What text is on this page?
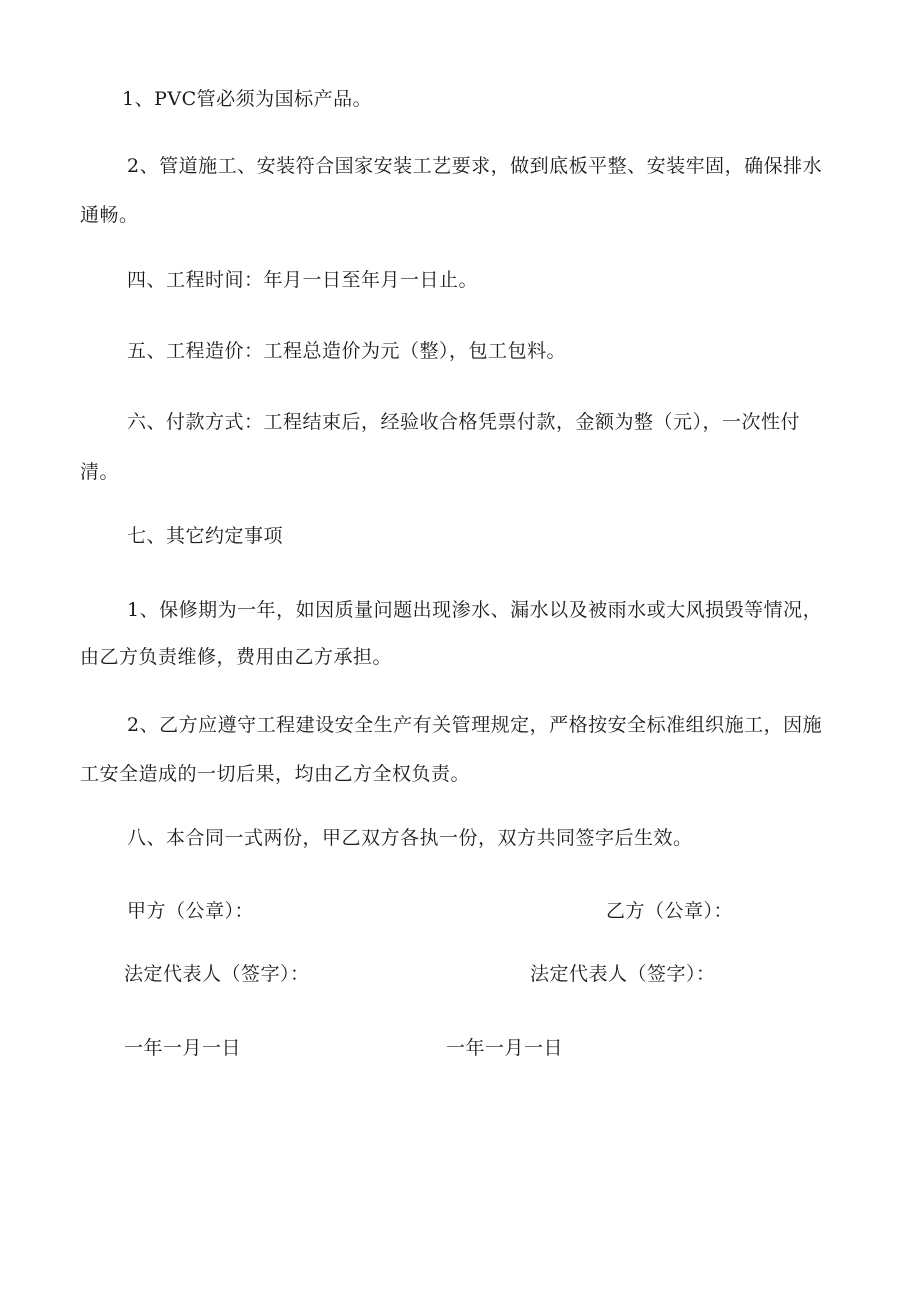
1、PVC管必须为国标产品。
2、管道施工、安装符合国家安装工艺要求，做到底板平整、安装牢固，确保排水
通畅。
四、工程时间：年月一日至年月一日止。
五、工程造价：工程总造价为元（整），包工包料。
六、付款方式：工程结束后，经验收合格凭票付款，金额为整（元），一次性付
清。
七、其它约定事项
1、保修期为一年，如因质量问题出现渗水、漏水以及被雨水或大风损毁等情况，
由乙方负责维修，费用由乙方承担。
2、乙方应遵守工程建设安全生产有关管理规定，严格按安全标准组织施工，因施
工安全造成的一切后果，均由乙方全权负责。
八、本合同一式两份，甲乙双方各执一份，双方共同签字后生效。
甲方（公章）：	乙方（公章）：
法定代表人（签字）：	法定代表人（签字）：
一年一月一日	一年一月一日
